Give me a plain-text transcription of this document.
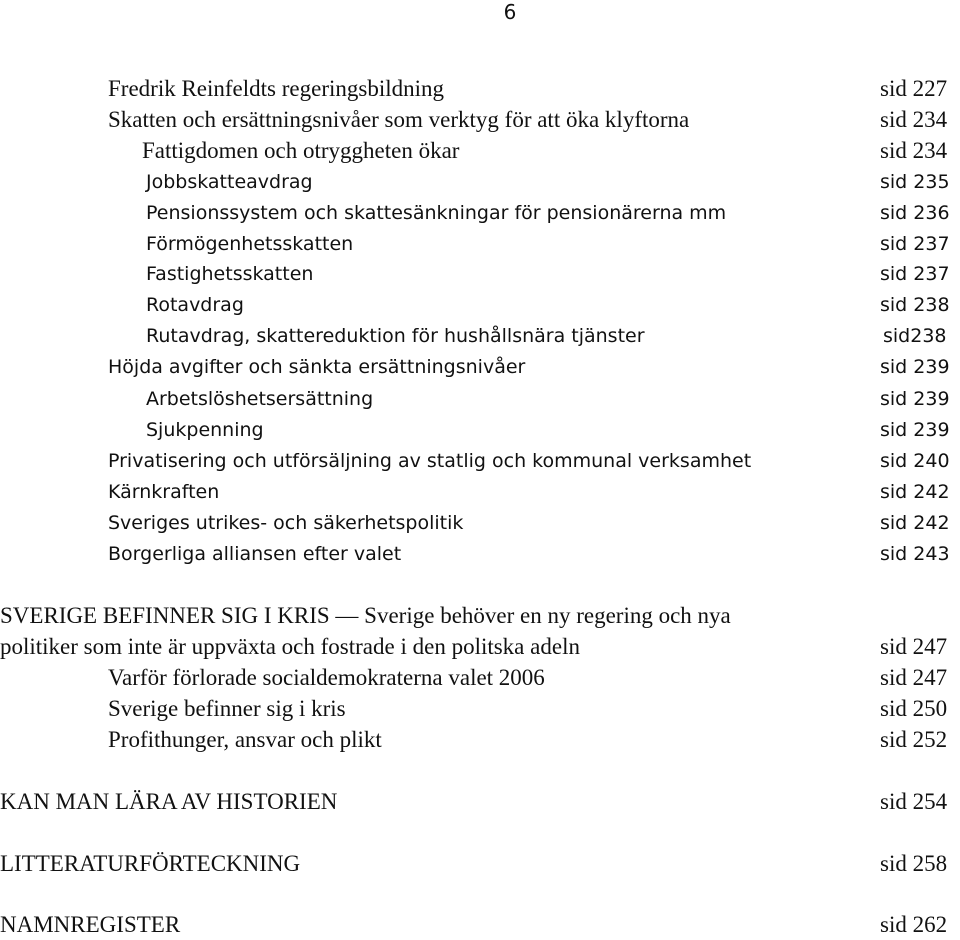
6
Fredrik Reinfeldts regeringsbildning	sid 227
Skatten och ersättningsnivåer som verktyg för att öka klyftorna	sid 234
Fattigdomen och otryggheten ökar	sid 234
Jobbskatteavdrag	sid 235
Pensionssystem och skattesänkningar för pensionärerna mm	sid 236
Förmögenhetsskatten	sid 237
Fastighetsskatten	sid 237
Rotavdrag	sid 238
Rutavdrag, skattereduktion för hushållsnära tjänster	sid238
Höjda avgifter och sänkta ersättningsnivåer	sid 239
Arbetslöshetsersättning	sid 239
Sjukpenning	sid 239
Privatisering och utförsäljning av statlig och kommunal verksamhet	sid 240
Kärnkraften	sid 242
Sveriges utrikes- och säkerhetspolitik	sid 242
Borgerliga alliansen efter valet	sid 243
SVERIGE BEFINNER SIG I KRIS — Sverige behöver en ny regering och nya
politiker som inte är uppväxta och fostrade i den politska adeln	sid 247
Varför förlorade socialdemokraterna valet 2006	sid 247
Sverige befinner sig i kris	sid 250
Profithunger, ansvar och plikt	sid 252
KAN MAN LÄRA AV HISTORIEN	sid 254
LITTERATURFÖRTECKNING	sid 258
NAMNREGISTER	sid 262
